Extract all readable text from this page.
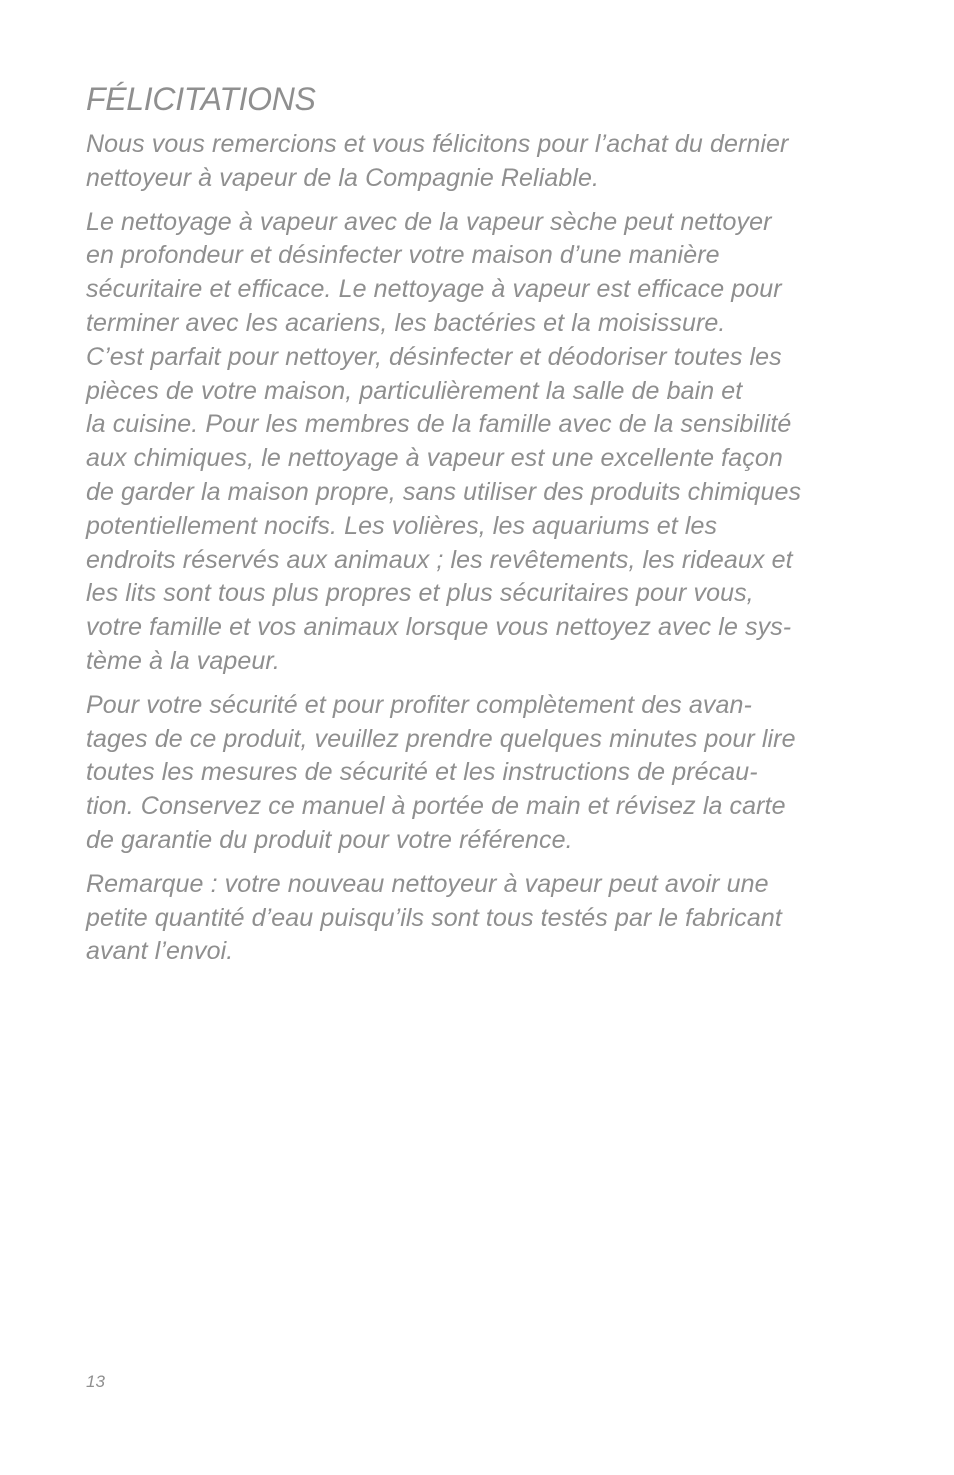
FÉLICITATIONS
Nous vous remercions et vous félicitons pour l’achat du dernier
nettoyeur à vapeur de la Compagnie Reliable.
Le nettoyage à vapeur avec de la vapeur sèche peut nettoyer
en profondeur et désinfecter votre maison d’une manière
sécuritaire et efficace. Le nettoyage à vapeur est efficace pour
terminer avec les acariens, les bactéries et la moisissure.
C’est parfait pour nettoyer, désinfecter et déodoriser toutes les
pièces de votre maison, particulièrement la salle de bain et
la cuisine. Pour les membres de la famille avec de la sensibilité
aux chimiques, le nettoyage à vapeur est une excellente façon
de garder la maison propre, sans utiliser des produits chimiques
potentiellement nocifs. Les volières, les aquariums et les
endroits réservés aux animaux ; les revêtements, les rideaux et
les lits sont tous plus propres et plus sécuritaires pour vous,
votre famille et vos animaux lorsque vous nettoyez avec le sys-
tème à la vapeur.
Pour votre sécurité et pour profiter complètement des avan-
tages de ce produit, veuillez prendre quelques minutes pour lire
toutes les mesures de sécurité et les instructions de précau-
tion. Conservez ce manuel à portée de main et révisez la carte
de garantie du produit pour votre référence.
Remarque : votre nouveau nettoyeur à vapeur peut avoir une
petite quantité d’eau puisqu’ils sont tous testés par le fabricant
avant l’envoi.
13
